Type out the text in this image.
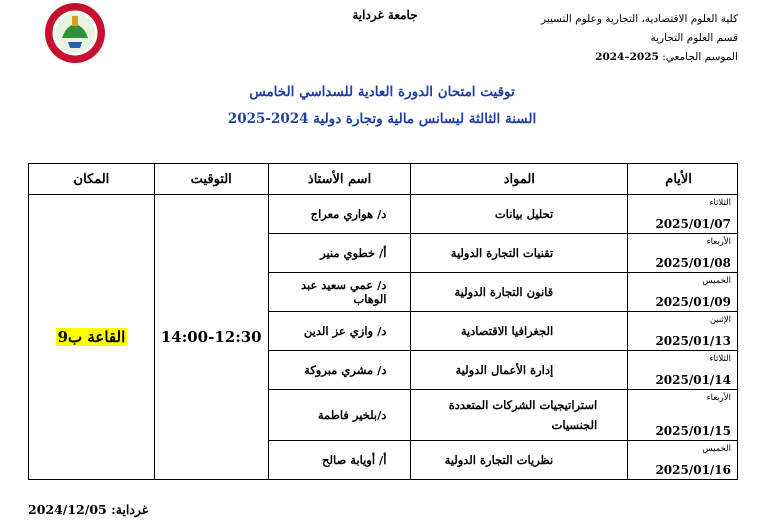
كلية العلوم الاقتصادية، التجارية وعلوم التسيير
قسم العلوم التجارية
الموسم الجامعي: 2024–2025
جامعة غرداية
توقيت امتحان الدورة العادية للسداسي الخامس
السنة الثالثة ليسانس مالية وتجارة دولية 2024-2025
الأيام	المواد	اسم الأستاذ	التوقيت	المكان

الثلاثاء
2025/01/07	تحليل بيانات	د/ هواري معراج	14:00-12:30	القاعة ب9

الأربعاء
2025/01/08	تقنيات التجارة الدولية	أ/ خطوي منير		

الخميس
2025/01/09	قانون التجارة الدولية	د/ عمي سعيد عبد الوهاب		

الإثنين
2025/01/13	الجغرافيا الاقتصادية	د/ وازي عز الدين		

الثلاثاء
2025/01/14	إدارة الأعمال الدولية	د/ مشري مبروكة		

الأربعاء
2025/01/15	استراتيجيات الشركات المتعددة الجنسيات	د/بلخير فاطمة		

الخميس
2025/01/16	نظريات التجارة الدولية	أ/ أويابة صالح		
غرداية: 2024/12/05
